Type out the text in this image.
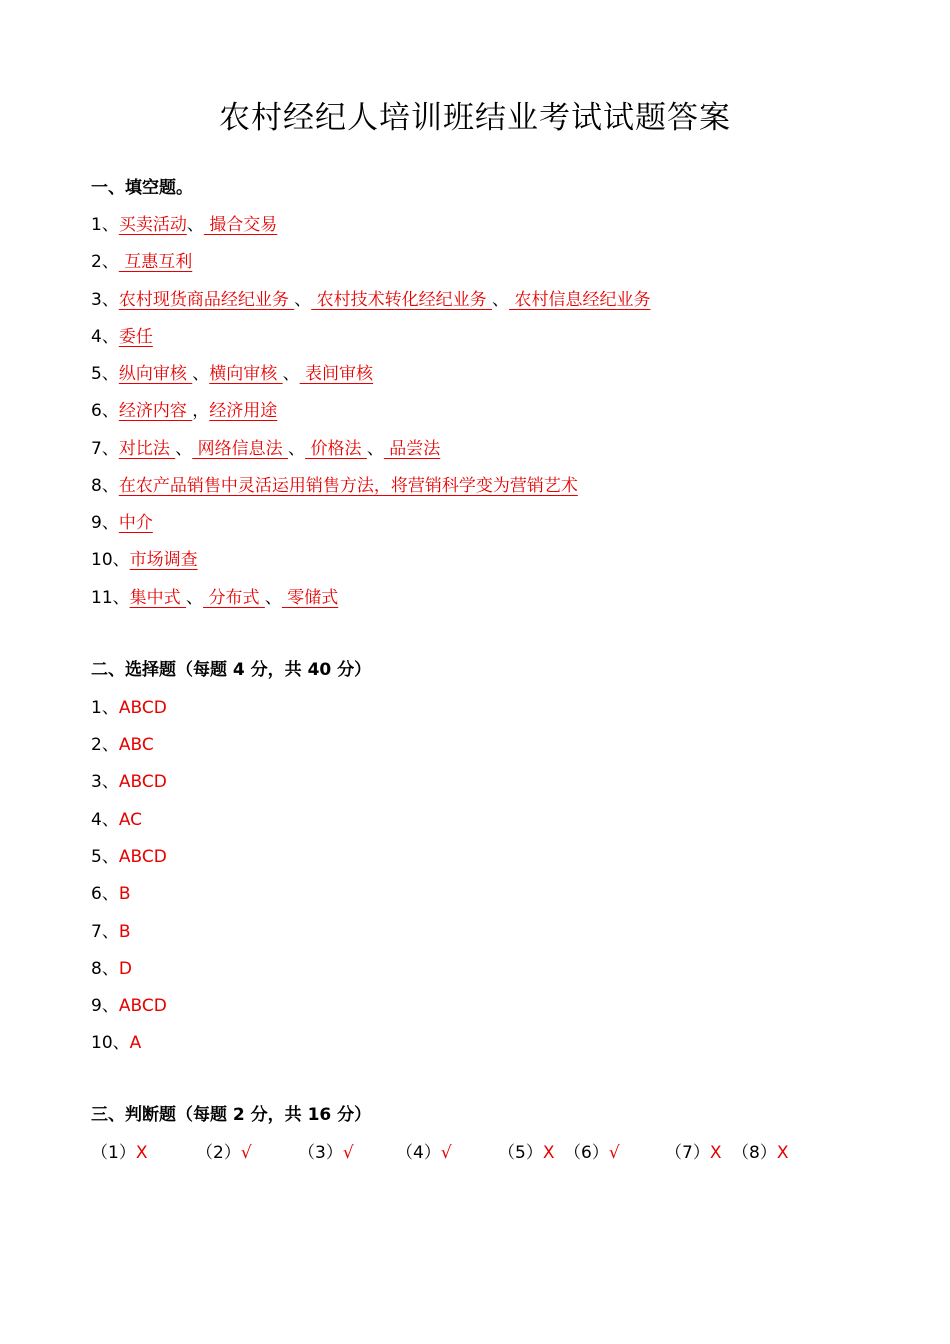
农村经纪人培训班结业考试试题答案
一、填空题。
1、买卖活动、 撮合交易
2、 互惠互利
3、农村现货商品经纪业务 、 农村技术转化经纪业务 、 农村信息经纪业务
4、委任
5、纵向审核 、横向审核 、 表间审核
6、经济内容 ，经济用途
7、对比法 、 网络信息法 、 价格法 、 品尝法
8、在农产品销售中灵活运用销售方法，将营销科学变为营销艺术
9、中介
10、市场调查
11、集中式 、 分布式 、 零储式
二、选择题（每题 4 分，共 40 分）
1、ABCD
2、ABC
3、ABCD
4、AC
5、ABCD
6、B
7、B
8、D
9、ABCD
10、A
三、判断题（每题 2 分，共 16 分）
（1）X	（2）√	（3）√ （4）√	（5）X （6）√	（7）X （8）X
